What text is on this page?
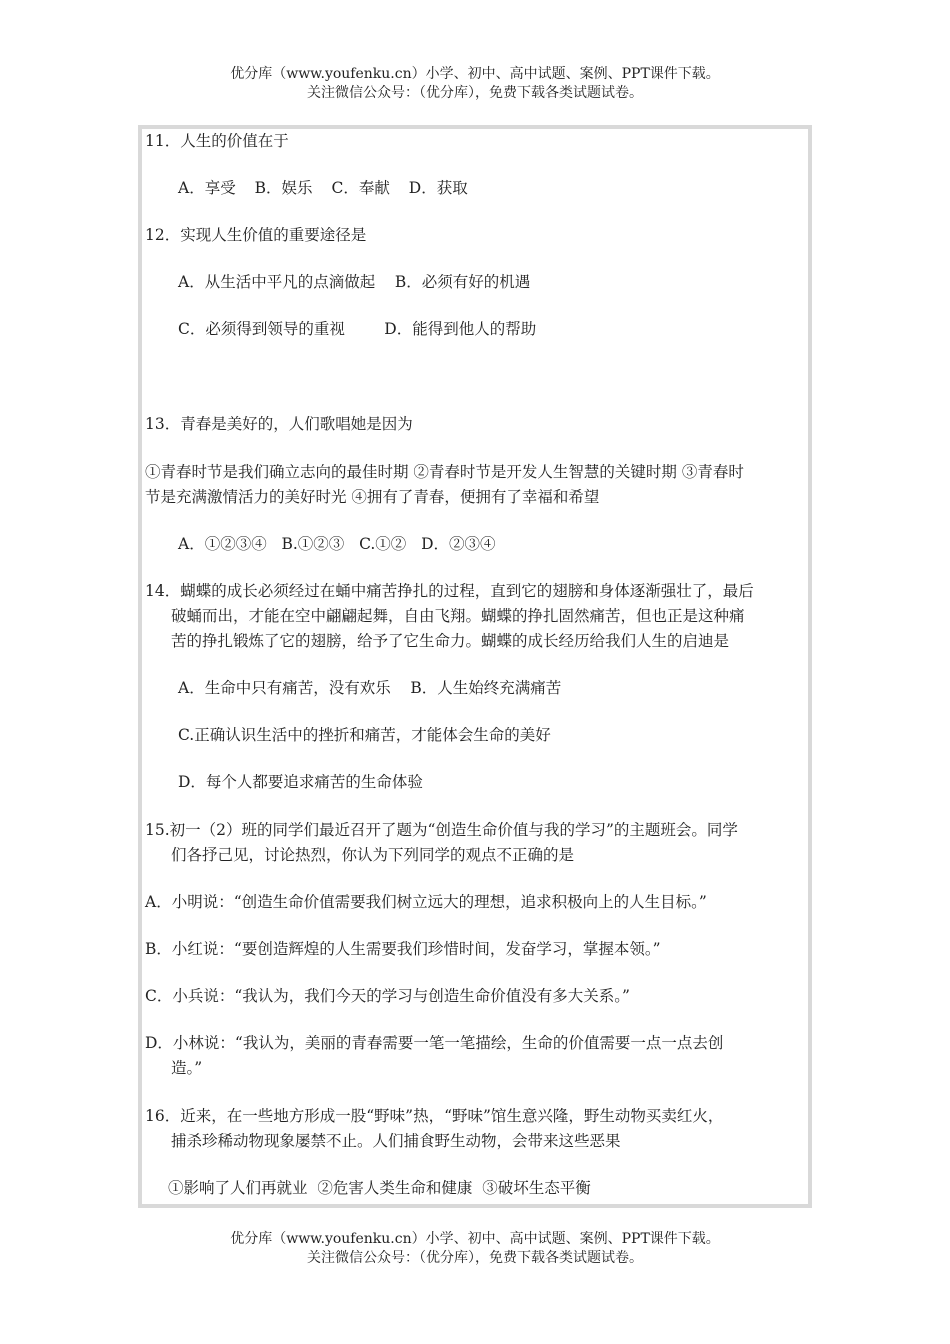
优分库（www.youfenku.cn）小学、初中、高中试题、案例、PPT课件下载。
关注微信公众号：（优分库），免费下载各类试题试卷。
11．人生的价值在于
A．享受 B．娱乐 C．奉献 D．获取
12．实现人生价值的重要途径是
A．从生活中平凡的点滴做起    B．必须有好的机遇
C．必须得到领导的重视        D．能得到他人的帮助
13．青春是美好的，人们歌唱她是因为
①青春时节是我们确立志向的最佳时期 ②青春时节是开发人生智慧的关键时期 ③青春时
节是充满激情活力的美好时光 ④拥有了青春，便拥有了幸福和希望
A．①②③④   B.①②③   C.①②   D．②③④
14．蝴蝶的成长必须经过在蛹中痛苦挣扎的过程，直到它的翅膀和身体逐渐强壮了，最后
破蛹而出，才能在空中翩翩起舞，自由飞翔。蝴蝶的挣扎固然痛苦，但也正是这种痛
苦的挣扎锻炼了它的翅膀，给予了它生命力。蝴蝶的成长经历给我们人生的启迪是
A．生命中只有痛苦，没有欢乐    B．人生始终充满痛苦
C.正确认识生活中的挫折和痛苦，才能体会生命的美好
D．每个人都要追求痛苦的生命体验
15.初一（2）班的同学们最近召开了题为“创造生命价值与我的学习”的主题班会。同学
们各抒己见，讨论热烈，你认为下列同学的观点不正确的是
A．小明说：“创造生命价值需要我们树立远大的理想，追求积极向上的人生目标。”
B．小红说：“要创造辉煌的人生需要我们珍惜时间，发奋学习，掌握本领。”
C．小兵说：“我认为，我们今天的学习与创造生命价值没有多大关系。”
D．小林说：“我认为，美丽的青春需要一笔一笔描绘，生命的价值需要一点一点去创
造。”
16．近来，在一些地方形成一股“野味”热，“野味”馆生意兴隆，野生动物买卖红火，
捕杀珍稀动物现象屡禁不止。人们捕食野生动物，会带来这些恶果
①影响了人们再就业  ②危害人类生命和健康  ③破坏生态平衡
优分库（www.youfenku.cn）小学、初中、高中试题、案例、PPT课件下载。
关注微信公众号：（优分库），免费下载各类试题试卷。
